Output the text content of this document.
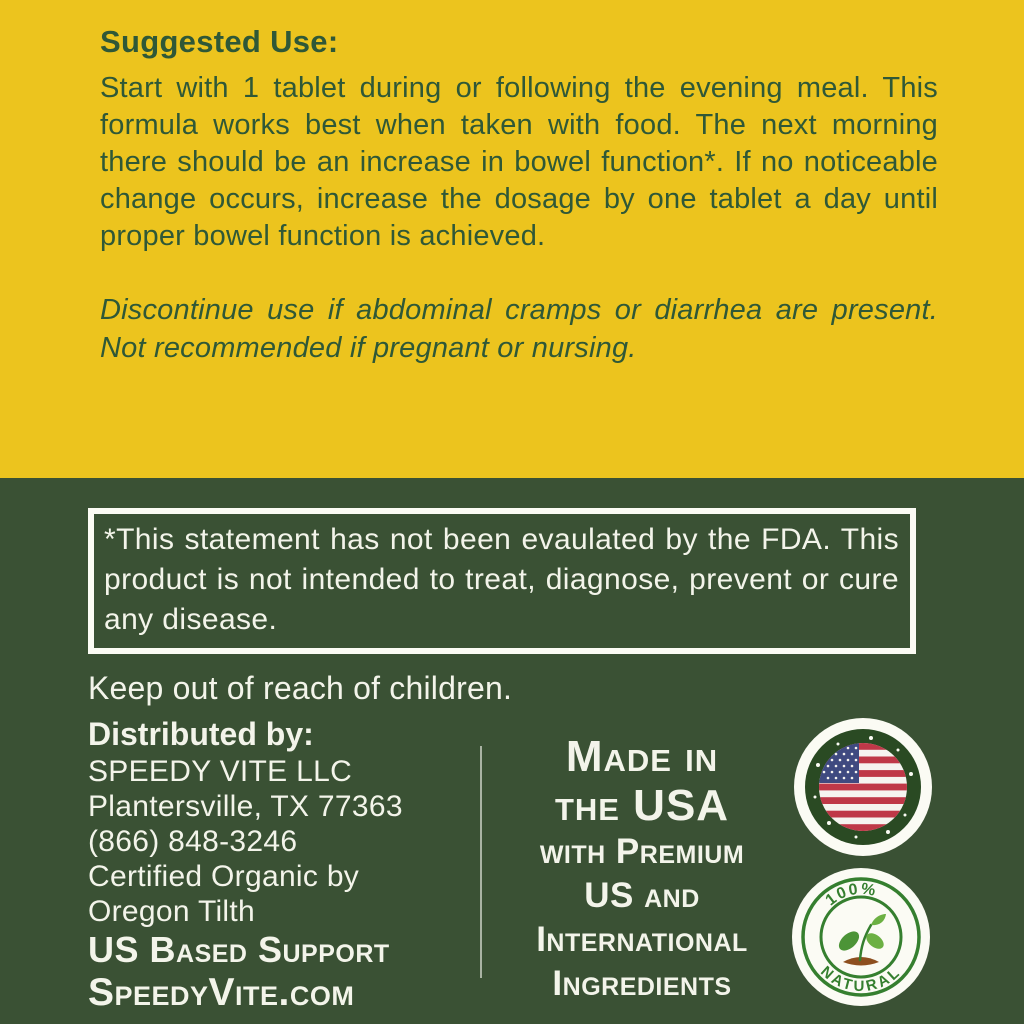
Suggested Use:

Start with 1 tablet during or following the evening meal. This formula works best when taken with food. The next morning there should be an increase in bowel function*. If no noticeable change occurs, increase the dosage by one tablet a day until proper bowel function is achieved.

Discontinue use if abdominal cramps or diarrhea are present. Not recommended if pregnant or nursing.

*This statement has not been evaulated by the FDA. This product is not intended to treat, diagnose, prevent or cure any disease.

Keep out of reach of children.
Distributed by:
SPEEDY VITE LLC
Plantersville, TX 77363
(866) 848-3246
Certified Organic by
Oregon Tilth
US Based Support
SpeedyVite.com
Made in
the USA
with Premium
US and
International
Ingredients
100%
NATURAL
